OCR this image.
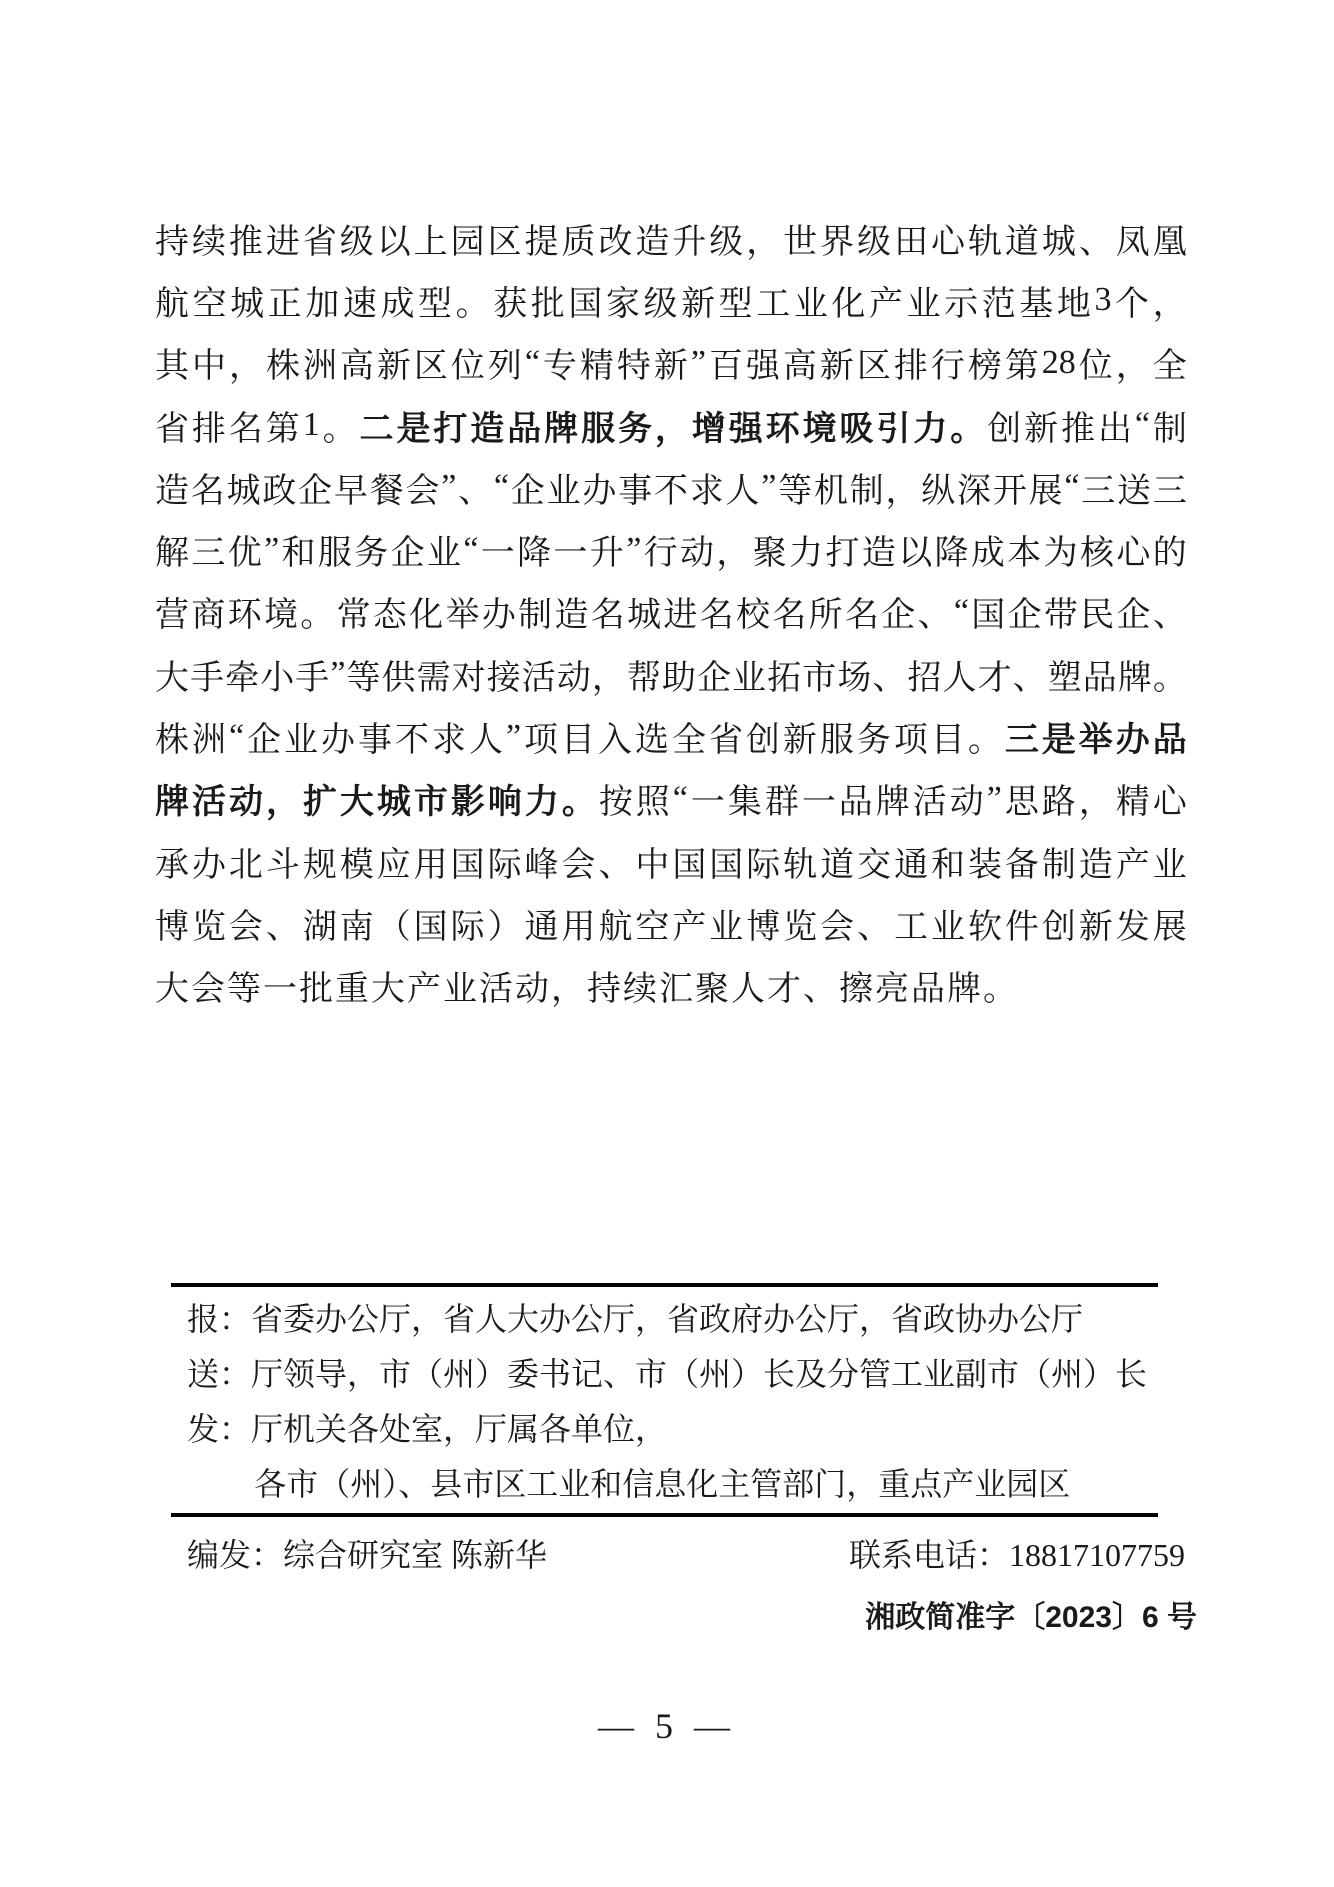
持 续 推 进 省 级 以 上 园 区 提 质 改 造 升 级 ， 世 界 级 田 心 轨 道 城 、 凤 凰
航 空 城 正 加 速 成 型 。 获 批 国 家 级 新 型 工 业 化 产 业 示 范 基 地 3 个 ，
其 中 ， 株 洲 高 新 区 位 列 “ 专 精 特 新 ” 百 强 高 新 区 排 行 榜 第 28 位 ， 全
省 排 名 第 1 。 二 是 打 造 品 牌 服 务 ， 增 强 环 境 吸 引 力 。 创 新 推 出 “ 制
造 名 城 政 企 早 餐 会 ” 、 “ 企 业 办 事 不 求 人 ” 等 机 制 ， 纵 深 开 展 “ 三 送 三
解 三 优 ” 和 服 务 企 业 “ 一 降 一 升 ” 行 动 ， 聚 力 打 造 以 降 成 本 为 核 心 的
营 商 环 境 。 常 态 化 举 办 制 造 名 城 进 名 校 名 所 名 企 、 “ 国 企 带 民 企 、
大 手 牵 小 手 ” 等 供 需 对 接 活 动 ， 帮 助 企 业 拓 市 场 、 招 人 才 、 塑 品 牌 。
株 洲 “ 企 业 办 事 不 求 人 ” 项 目 入 选 全 省 创 新 服 务 项 目 。 三 是 举 办 品
牌 活 动 ， 扩 大 城 市 影 响 力 。 按 照 “ 一 集 群 一 品 牌 活 动 ” 思 路 ， 精 心
承 办 北 斗 规 模 应 用 国 际 峰 会 、 中 国 国 际 轨 道 交 通 和 装 备 制 造 产 业
博 览 会 、 湖 南 （ 国 际 ） 通 用 航 空 产 业 博 览 会 、 工 业 软 件 创 新 发 展
大 会 等 一 批 重 大 产 业 活 动 ， 持 续 汇 聚 人 才 、 擦 亮 品 牌 。
报：省委办公厅，省人大办公厅，省政府办公厅，省政协办公厅
送：厅领导，市（州）委书记、市（州）长及分管工业副市（州）长
发：厅机关各处室，厅属各单位，
各市（州）、县市区工业和信息化主管部门，重点产业园区
编发：综合研究室 陈新华	联系电话：18817107759
湘政简准字〔2023〕6 号
— 5 —
